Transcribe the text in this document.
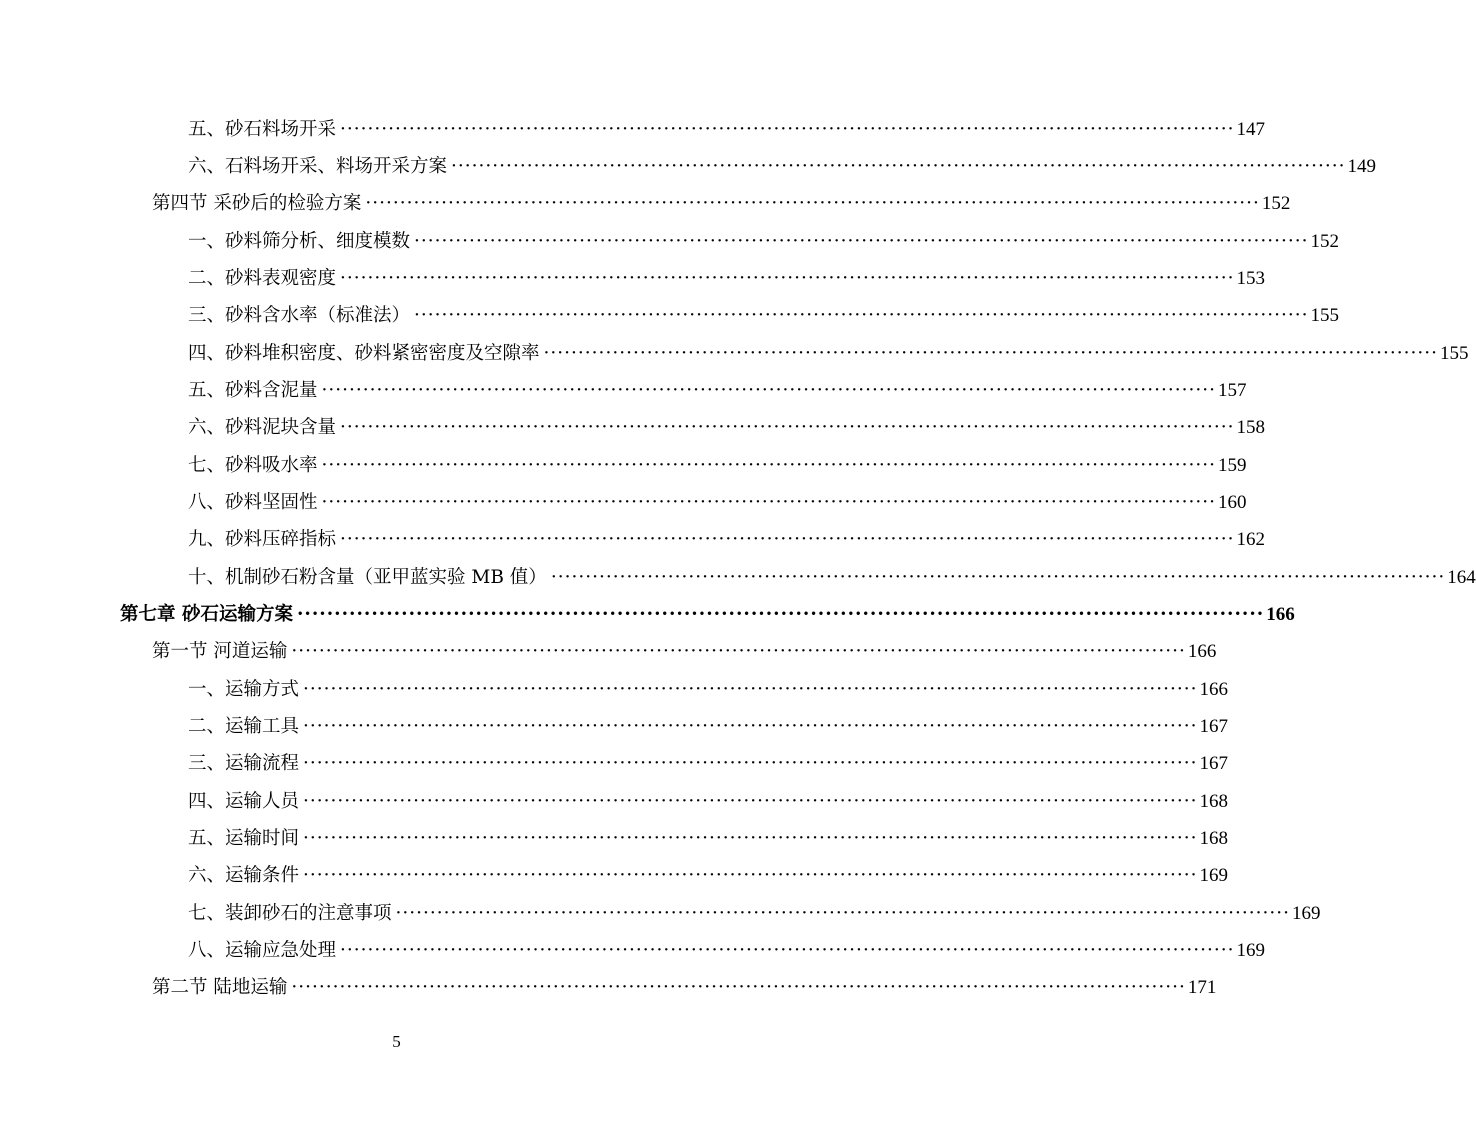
五、砂石料场开采 ·····	147
六、石料场开采、料场开采方案 ·····	149
第四节 采砂后的检验方案 ·····	152
一、砂料筛分析、细度模数 ·····	152
二、砂料表观密度 ·····	153
三、砂料含水率（标准法） ·····	155
四、砂料堆积密度、砂料紧密密度及空隙率 ·····	155
五、砂料含泥量 ·····	157
六、砂料泥块含量 ·····	158
七、砂料吸水率 ·····	159
八、砂料坚固性 ·····	160
九、砂料压碎指标 ·····	162
十、机制砂石粉含量（亚甲蓝实验 MB 值） ·····	164
第七章 砂石运输方案 ·····	166
第一节 河道运输 ·····	166
一、运输方式 ·····	166
二、运输工具 ·····	167
三、运输流程 ·····	167
四、运输人员 ·····	168
五、运输时间 ·····	168
六、运输条件 ·····	169
七、装卸砂石的注意事项 ·····	169
八、运输应急处理 ·····	169
第二节 陆地运输 ·····	171
5
